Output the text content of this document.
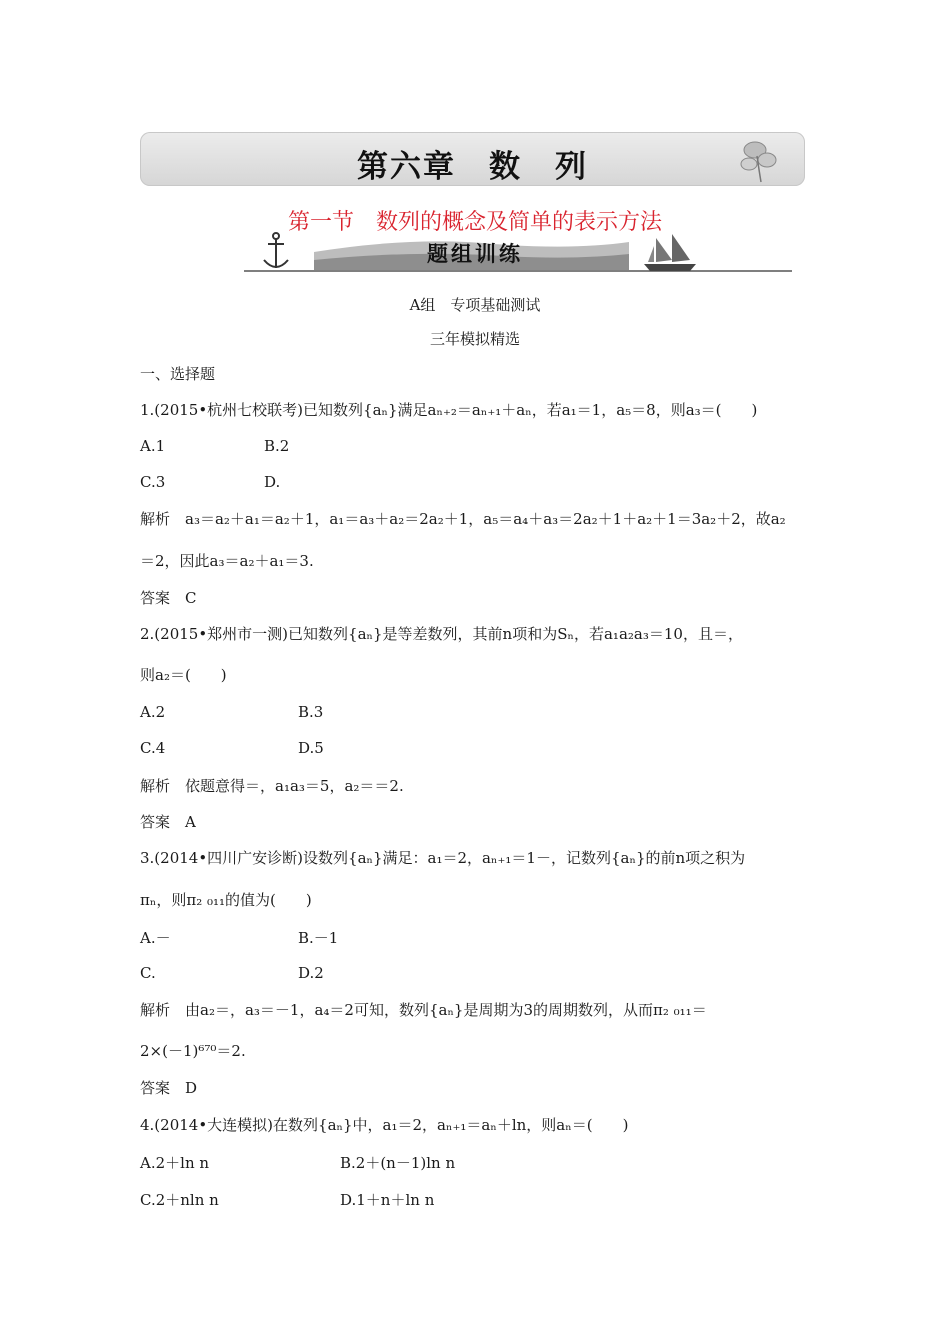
第六章　数　列
第一节　数列的概念及简单的表示方法
题组训练
A组　专项基础测试
三年模拟精选
一、选择题
1.(2015•杭州七校联考)已知数列{aₙ}满足aₙ₊₂＝aₙ₊₁＋aₙ，若a₁＝1，a₅＝8，则a₃＝(　　)
A.1	B.2
C.3	D.
解析　a₃＝a₂＋a₁＝a₂＋1，a₁＝a₃＋a₂＝2a₂＋1，a₅＝a₄＋a₃＝2a₂＋1＋a₂＋1＝3a₂＋2，故a₂
＝2，因此a₃＝a₂＋a₁＝3.
答案　C
2.(2015•郑州市一测)已知数列{aₙ}是等差数列，其前n项和为Sₙ，若a₁a₂a₃＝10，且＝，
则a₂＝(　　)
A.2	B.3
C.4	D.5
解析　依题意得＝，a₁a₃＝5，a₂＝＝2.
答案　A
3.(2014•四川广安诊断)设数列{aₙ}满足：a₁＝2，aₙ₊₁＝1－，记数列{aₙ}的前n项之积为
πₙ，则π₂ ₀₁₁的值为(　　)
A.－	B.－1
C.	D.2
解析　由a₂＝，a₃＝－1，a₄＝2可知，数列{aₙ}是周期为3的周期数列，从而π₂ ₀₁₁＝
2×(－1)⁶⁷⁰＝2.
答案　D
4.(2014•大连模拟)在数列{aₙ}中，a₁＝2，aₙ₊₁＝aₙ＋ln，则aₙ＝(　　)
A.2＋ln n	B.2＋(n－1)ln n
C.2＋nln n	D.1＋n＋ln n
